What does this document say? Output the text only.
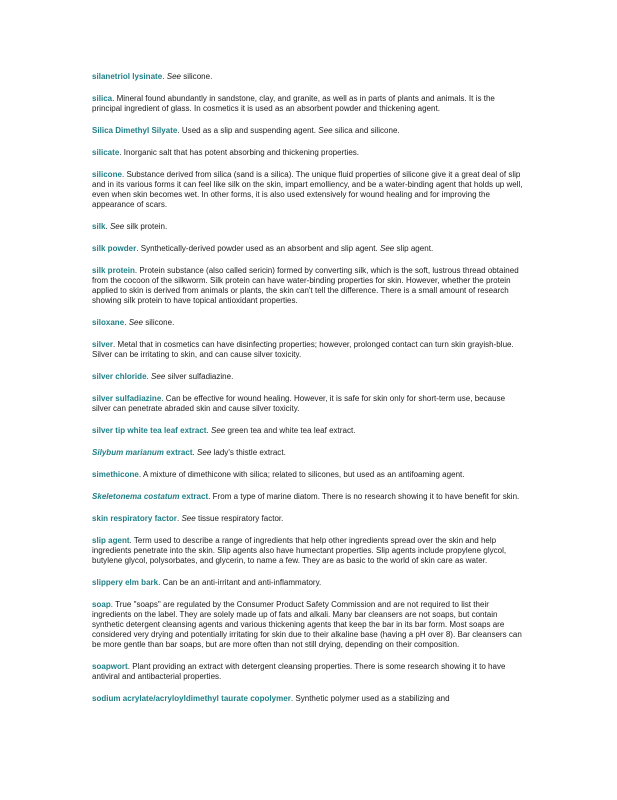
silanetriol lysinate. See silicone.

silica. Mineral found abundantly in sandstone, clay, and granite, as well as in parts of plants and animals. It is the principal ingredient of glass. In cosmetics it is used as an absorbent powder and thickening agent.

Silica Dimethyl Silyate. Used as a slip and suspending agent. See silica and silicone.

silicate. Inorganic salt that has potent absorbing and thickening properties.

silicone. Substance derived from silica (sand is a silica). The unique fluid properties of silicone give it a great deal of slip and in its various forms it can feel like silk on the skin, impart emolliency, and be a water-binding agent that holds up well, even when skin becomes wet. In other forms, it is also used extensively for wound healing and for improving the appearance of scars.

silk. See silk protein.

silk powder. Synthetically-derived powder used as an absorbent and slip agent. See slip agent.

silk protein. Protein substance (also called sericin) formed by converting silk, which is the soft, lustrous thread obtained from the cocoon of the silkworm. Silk protein can have water-binding properties for skin. However, whether the protein applied to skin is derived from animals or plants, the skin can't tell the difference. There is a small amount of research showing silk protein to have topical antioxidant properties.

siloxane. See silicone.

silver. Metal that in cosmetics can have disinfecting properties; however, prolonged contact can turn skin grayish-blue. Silver can be irritating to skin, and can cause silver toxicity.

silver chloride. See silver sulfadiazine.

silver sulfadiazine. Can be effective for wound healing. However, it is safe for skin only for short-term use, because silver can penetrate abraded skin and cause silver toxicity.

silver tip white tea leaf extract. See green tea and white tea leaf extract.

Silybum marianum extract. See lady's thistle extract.

simethicone. A mixture of dimethicone with silica; related to silicones, but used as an antifoaming agent.

Skeletonema costatum extract. From a type of marine diatom. There is no research showing it to have benefit for skin.

skin respiratory factor. See tissue respiratory factor.

slip agent. Term used to describe a range of ingredients that help other ingredients spread over the skin and help ingredients penetrate into the skin. Slip agents also have humectant properties. Slip agents include propylene glycol, butylene glycol, polysorbates, and glycerin, to name a few. They are as basic to the world of skin care as water.

slippery elm bark. Can be an anti-irritant and anti-inflammatory.

soap. True "soaps" are regulated by the Consumer Product Safety Commission and are not required to list their ingredients on the label. They are solely made up of fats and alkali. Many bar cleansers are not soaps, but contain synthetic detergent cleansing agents and various thickening agents that keep the bar in its bar form. Most soaps are considered very drying and potentially irritating for skin due to their alkaline base (having a pH over 8). Bar cleansers can be more gentle than bar soaps, but are more often than not still drying, depending on their composition.

soapwort. Plant providing an extract with detergent cleansing properties. There is some research showing it to have antiviral and antibacterial properties.

sodium acrylate/acryloyldimethyl taurate copolymer. Synthetic polymer used as a stabilizing and
